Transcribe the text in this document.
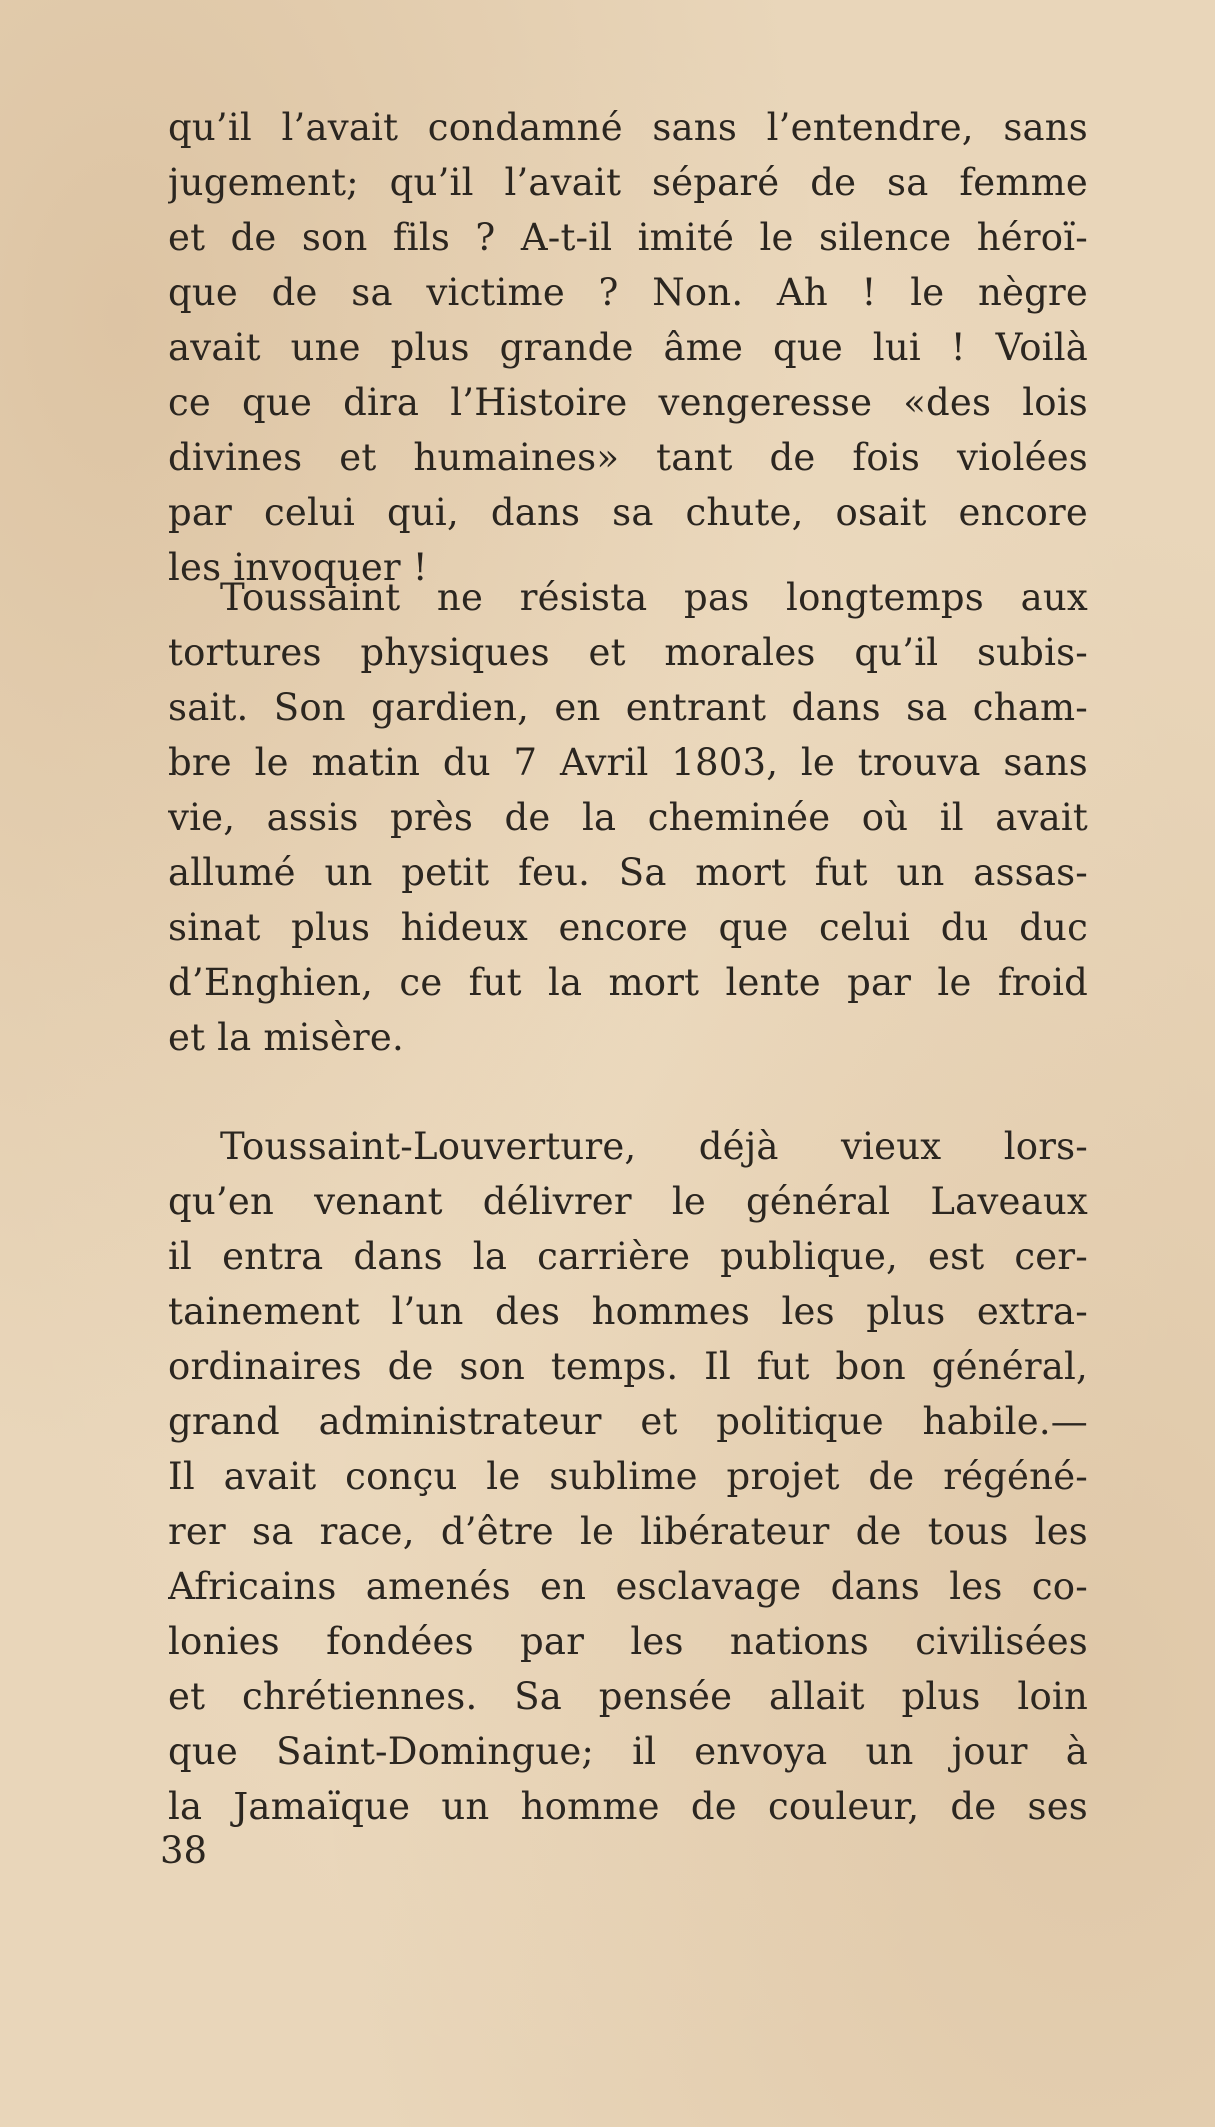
qu’il l’avait condamné sans l’entendre, sans
jugement; qu’il l’avait séparé de sa femme
et de son fils ? A-t-il imité le silence héroï-
que de sa victime ? Non. Ah ! le nègre
avait une plus grande âme que lui ! Voilà
ce que dira l’Histoire vengeresse «des lois
divines et humaines» tant de fois violées
par celui qui, dans sa chute, osait encore
les invoquer !
Toussaint ne résista pas longtemps aux
tortures physiques et morales qu’il subis-
sait. Son gardien, en entrant dans sa cham-
bre le matin du 7 Avril 1803, le trouva sans
vie, assis près de la cheminée où il avait
allumé un petit feu. Sa mort fut un assas-
sinat plus hideux encore que celui du duc
d’Enghien, ce fut la mort lente par le froid
et la misère.
Toussaint-Louverture, déjà vieux lors-
qu’en venant délivrer le général Laveaux
il entra dans la carrière publique, est cer-
tainement l’un des hommes les plus extra-
ordinaires de son temps. Il fut bon général,
grand administrateur et politique habile.—
Il avait conçu le sublime projet de régéné-
rer sa race, d’être le libérateur de tous les
Africains amenés en esclavage dans les co-
lonies fondées par les nations civilisées
et chrétiennes. Sa pensée allait plus loin
que Saint-Domingue; il envoya un jour à
la Jamaïque un homme de couleur, de ses
38
